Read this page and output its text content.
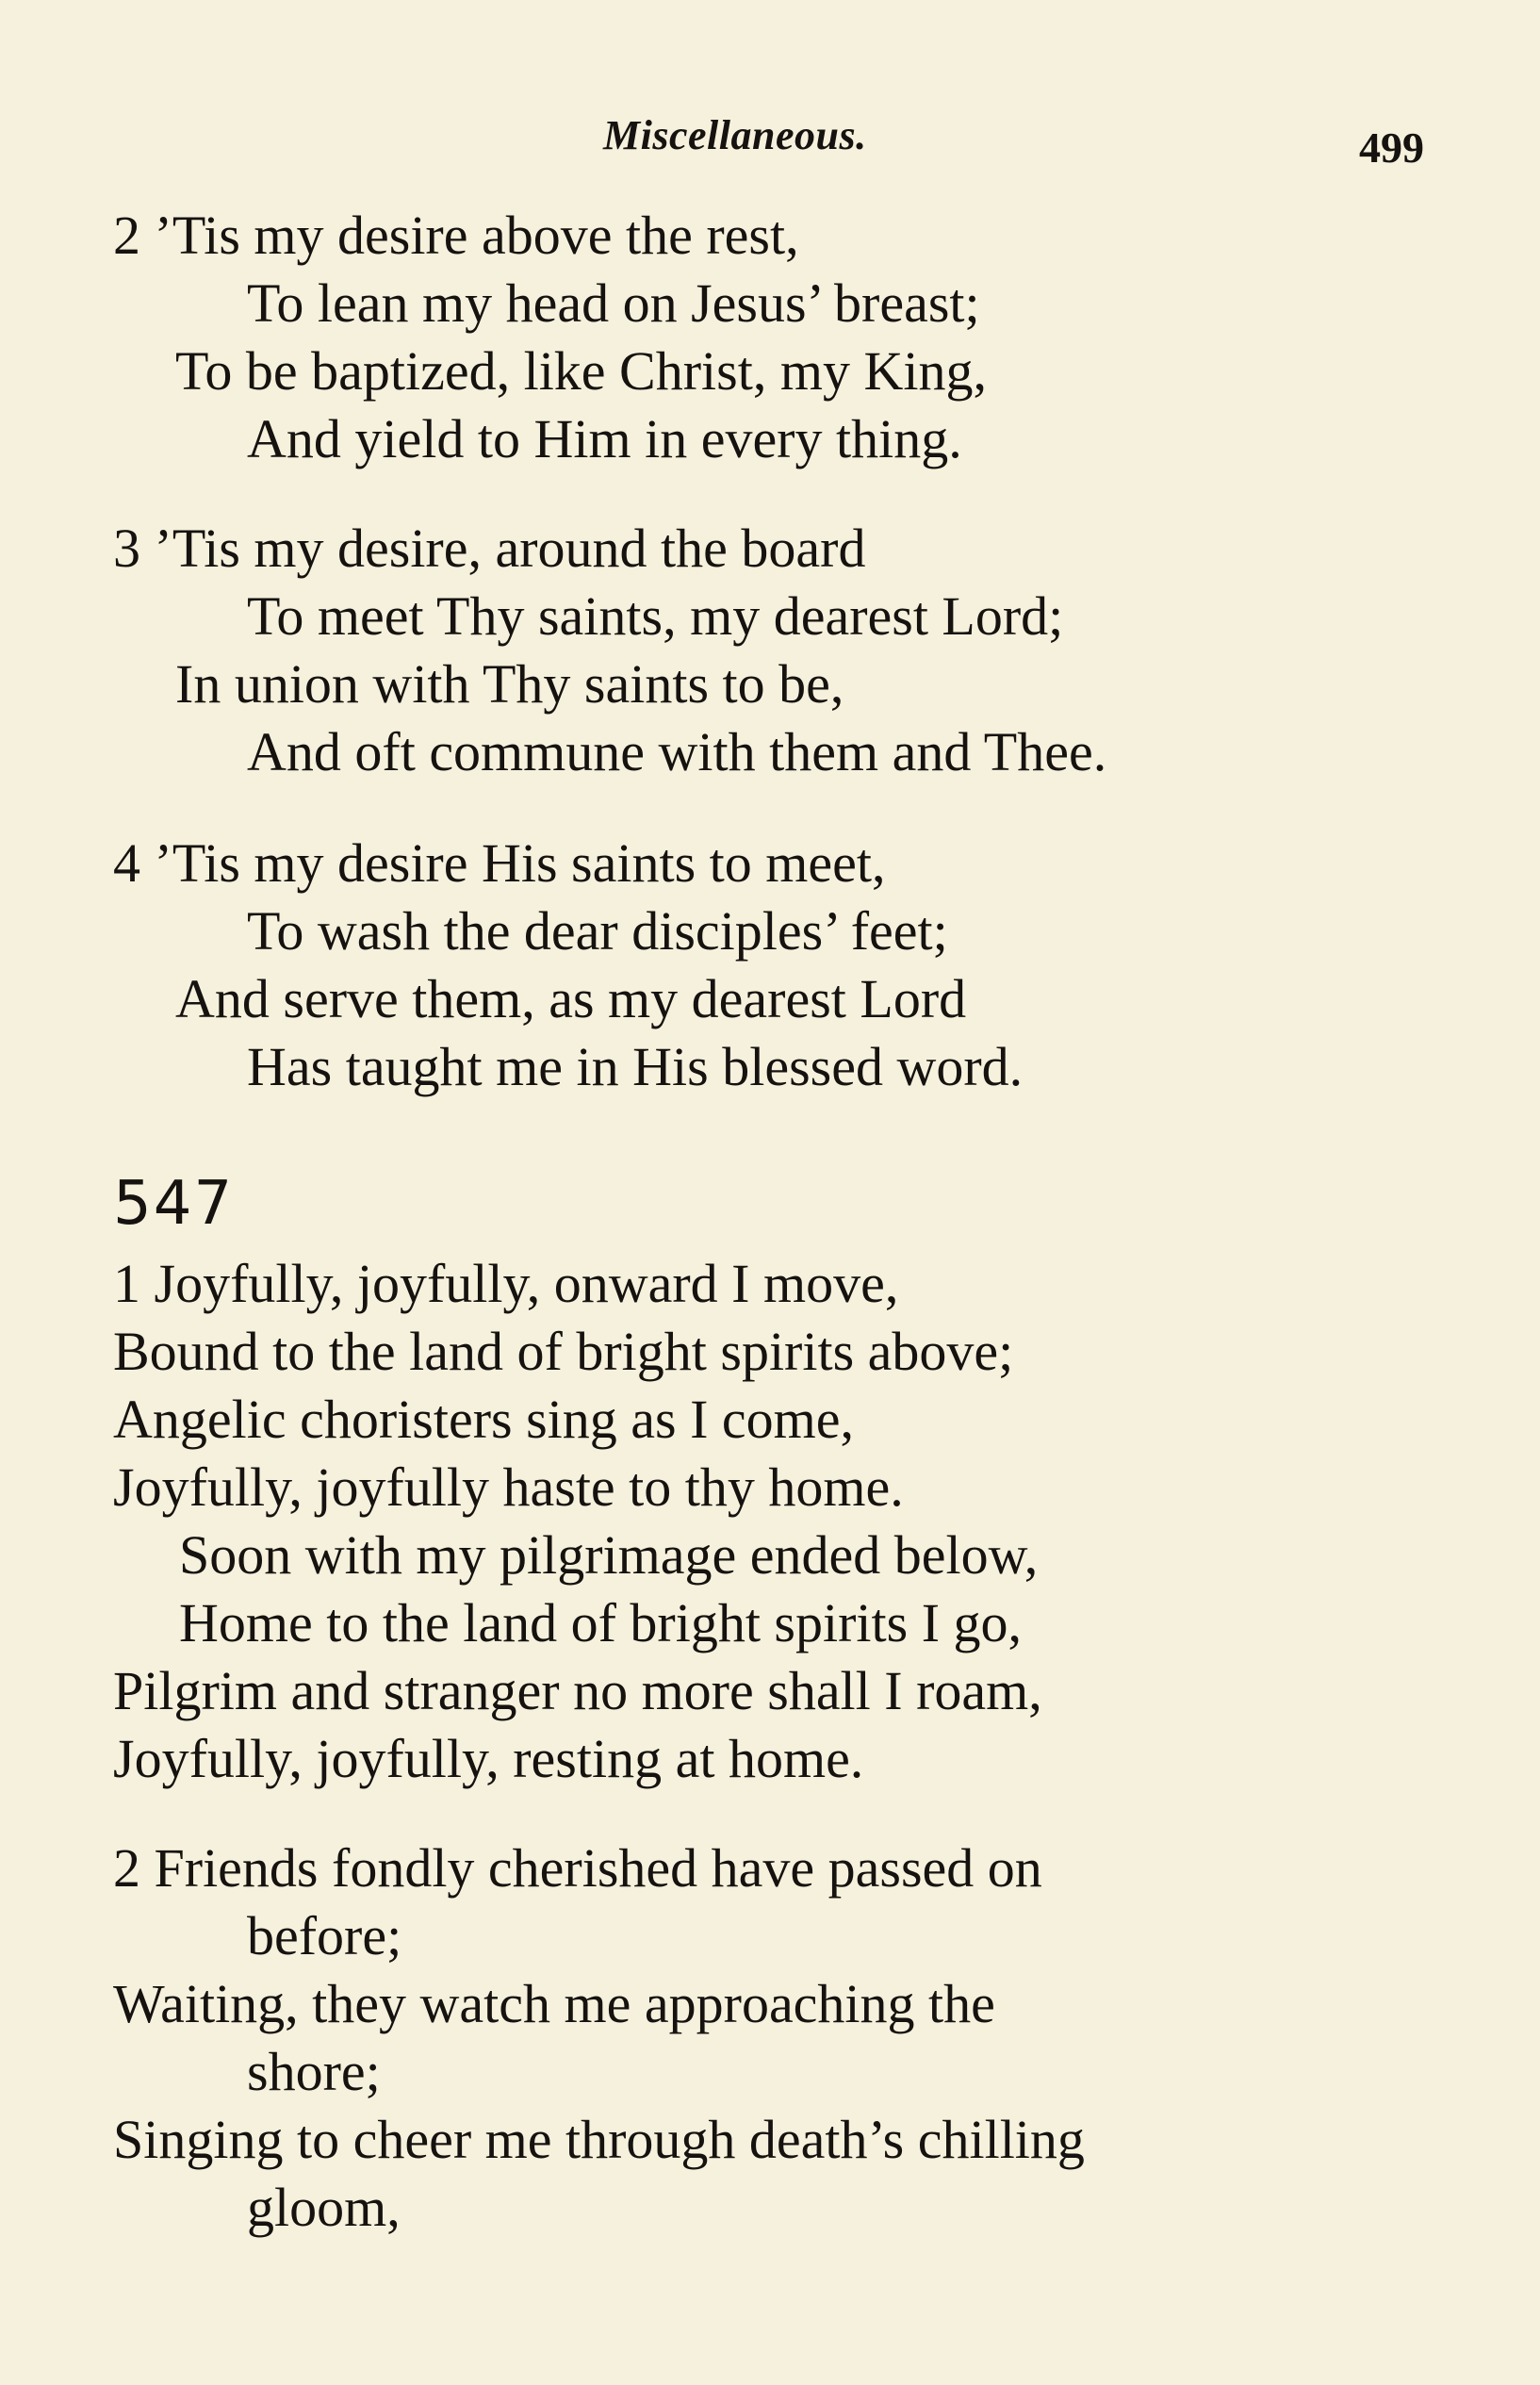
Miscellaneous.	499
2 ’Tis my desire above the rest,
To lean my head on Jesus’ breast;
To be baptized, like Christ, my King,
And yield to Him in every thing.
3 ’Tis my desire, around the board
To meet Thy saints, my dearest Lord;
In union with Thy saints to be,
And oft commune with them and Thee.
4 ’Tis my desire His saints to meet,
To wash the dear disciples’ feet;
And serve them, as my dearest Lord
Has taught me in His blessed word.
547
1 Joyfully, joyfully, onward I move,
Bound to the land of bright spirits above;
Angelic choristers sing as I come,
Joyfully, joyfully haste to thy home.
Soon with my pilgrimage ended below,
Home to the land of bright spirits I go,
Pilgrim and stranger no more shall I roam,
Joyfully, joyfully, resting at home.
2 Friends fondly cherished have passed on
before;
Waiting, they watch me approaching the
shore;
Singing to cheer me through death’s chilling
gloom,
